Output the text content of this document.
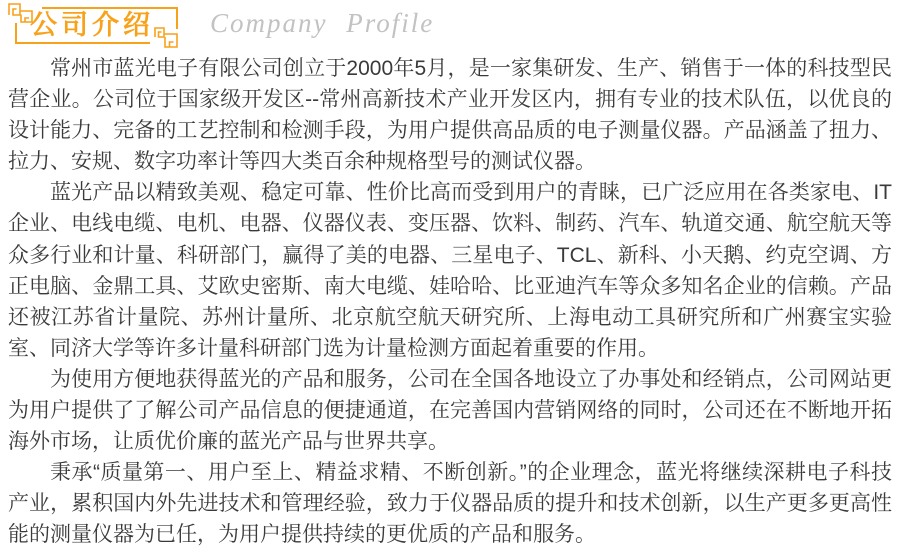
公司介绍	Company Profile

常州市蓝光电子有限公司创立于2000年5月，是一家集研发、生产、销售于一体的科技型民营企业。公司位于国家级开发区--常州高新技术产业开发区内，拥有专业的技术队伍，以优良的设计能力、完备的工艺控制和检测手段，为用户提供高品质的电子测量仪器。产品涵盖了扭力、拉力、安规、数字功率计等四大类百余种规格型号的测试仪器。

蓝光产品以精致美观、稳定可靠、性价比高而受到用户的青睐，已广泛应用在各类家电、IT企业、电线电缆、电机、电器、仪器仪表、变压器、饮料、制药、汽车、轨道交通、航空航天等众多行业和计量、科研部门，赢得了美的电器、三星电子、TCL、新科、小天鹅、约克空调、方正电脑、金鼎工具、艾欧史密斯、南大电缆、娃哈哈、比亚迪汽车等众多知名企业的信赖。产品还被江苏省计量院、苏州计量所、北京航空航天研究所、上海电动工具研究所和广州赛宝实验室、同济大学等许多计量科研部门选为计量检测方面起着重要的作用。

为使用方便地获得蓝光的产品和服务，公司在全国各地设立了办事处和经销点，公司网站更为用户提供了了解公司产品信息的便捷通道，在完善国内营销网络的同时，公司还在不断地开拓海外市场，让质优价廉的蓝光产品与世界共享。

秉承“质量第一、用户至上、精益求精、不断创新。”的企业理念，蓝光将继续深耕电子科技产业，累积国内外先进技术和管理经验，致力于仪器品质的提升和技术创新，以生产更多更高性能的测量仪器为已任，为用户提供持续的更优质的产品和服务。
